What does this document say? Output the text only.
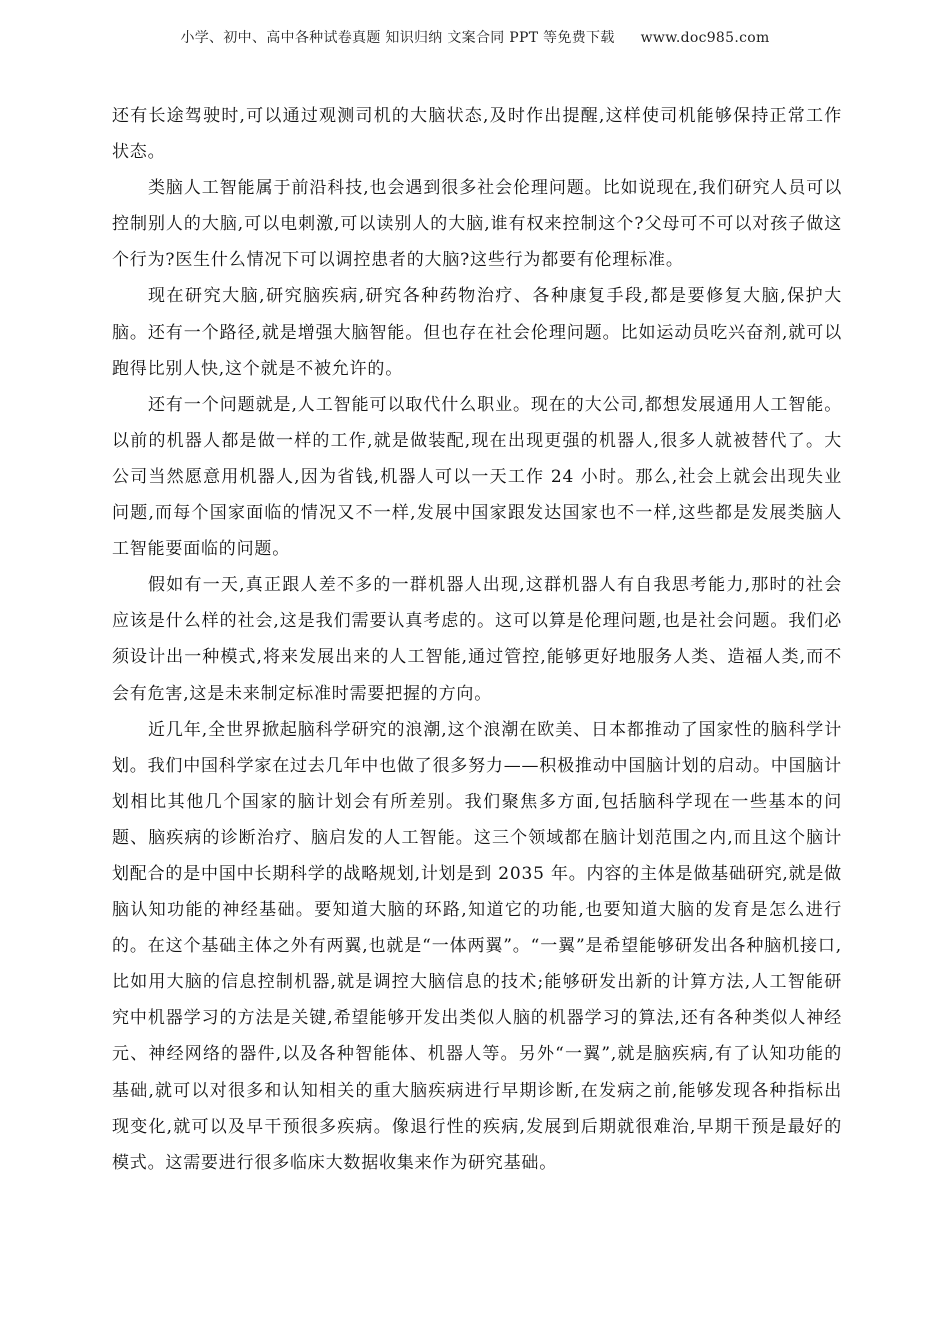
小学、初中、高中各种试卷真题 知识归纳 文案合同 PPT 等免费下载 www.doc985.com

还有长途驾驶时,可以通过观测司机的大脑状态,及时作出提醒,这样使司机能够保持正常工作状态。

类脑人工智能属于前沿科技,也会遇到很多社会伦理问题。比如说现在,我们研究人员可以控制别人的大脑,可以电刺激,可以读别人的大脑,谁有权来控制这个?父母可不可以对孩子做这个行为?医生什么情况下可以调控患者的大脑?这些行为都要有伦理标准。

现在研究大脑,研究脑疾病,研究各种药物治疗、各种康复手段,都是要修复大脑,保护大脑。还有一个路径,就是增强大脑智能。但也存在社会伦理问题。比如运动员吃兴奋剂,就可以跑得比别人快,这个就是不被允许的。

还有一个问题就是,人工智能可以取代什么职业。现在的大公司,都想发展通用人工智能。以前的机器人都是做一样的工作,就是做装配,现在出现更强的机器人,很多人就被替代了。大公司当然愿意用机器人,因为省钱,机器人可以一天工作 24 小时。那么,社会上就会出现失业问题,而每个国家面临的情况又不一样,发展中国家跟发达国家也不一样,这些都是发展类脑人工智能要面临的问题。

假如有一天,真正跟人差不多的一群机器人出现,这群机器人有自我思考能力,那时的社会应该是什么样的社会,这是我们需要认真考虑的。这可以算是伦理问题,也是社会问题。我们必须设计出一种模式,将来发展出来的人工智能,通过管控,能够更好地服务人类、造福人类,而不会有危害,这是未来制定标准时需要把握的方向。

近几年,全世界掀起脑科学研究的浪潮,这个浪潮在欧美、日本都推动了国家性的脑科学计划。我们中国科学家在过去几年中也做了很多努力——积极推动中国脑计划的启动。中国脑计划相比其他几个国家的脑计划会有所差别。我们聚焦多方面,包括脑科学现在一些基本的问题、脑疾病的诊断治疗、脑启发的人工智能。这三个领域都在脑计划范围之内,而且这个脑计划配合的是中国中长期科学的战略规划,计划是到 2035 年。内容的主体是做基础研究,就是做脑认知功能的神经基础。要知道大脑的环路,知道它的功能,也要知道大脑的发育是怎么进行的。在这个基础主体之外有两翼,也就是“一体两翼”。“一翼”是希望能够研发出各种脑机接口,比如用大脑的信息控制机器,就是调控大脑信息的技术;能够研发出新的计算方法,人工智能研究中机器学习的方法是关键,希望能够开发出类似人脑的机器学习的算法,还有各种类似人神经元、神经网络的器件,以及各种智能体、机器人等。另外“一翼”,就是脑疾病,有了认知功能的基础,就可以对很多和认知相关的重大脑疾病进行早期诊断,在发病之前,能够发现各种指标出现变化,就可以及早干预很多疾病。像退行性的疾病,发展到后期就很难治,早期干预是最好的模式。这需要进行很多临床大数据收集来作为研究基础。
